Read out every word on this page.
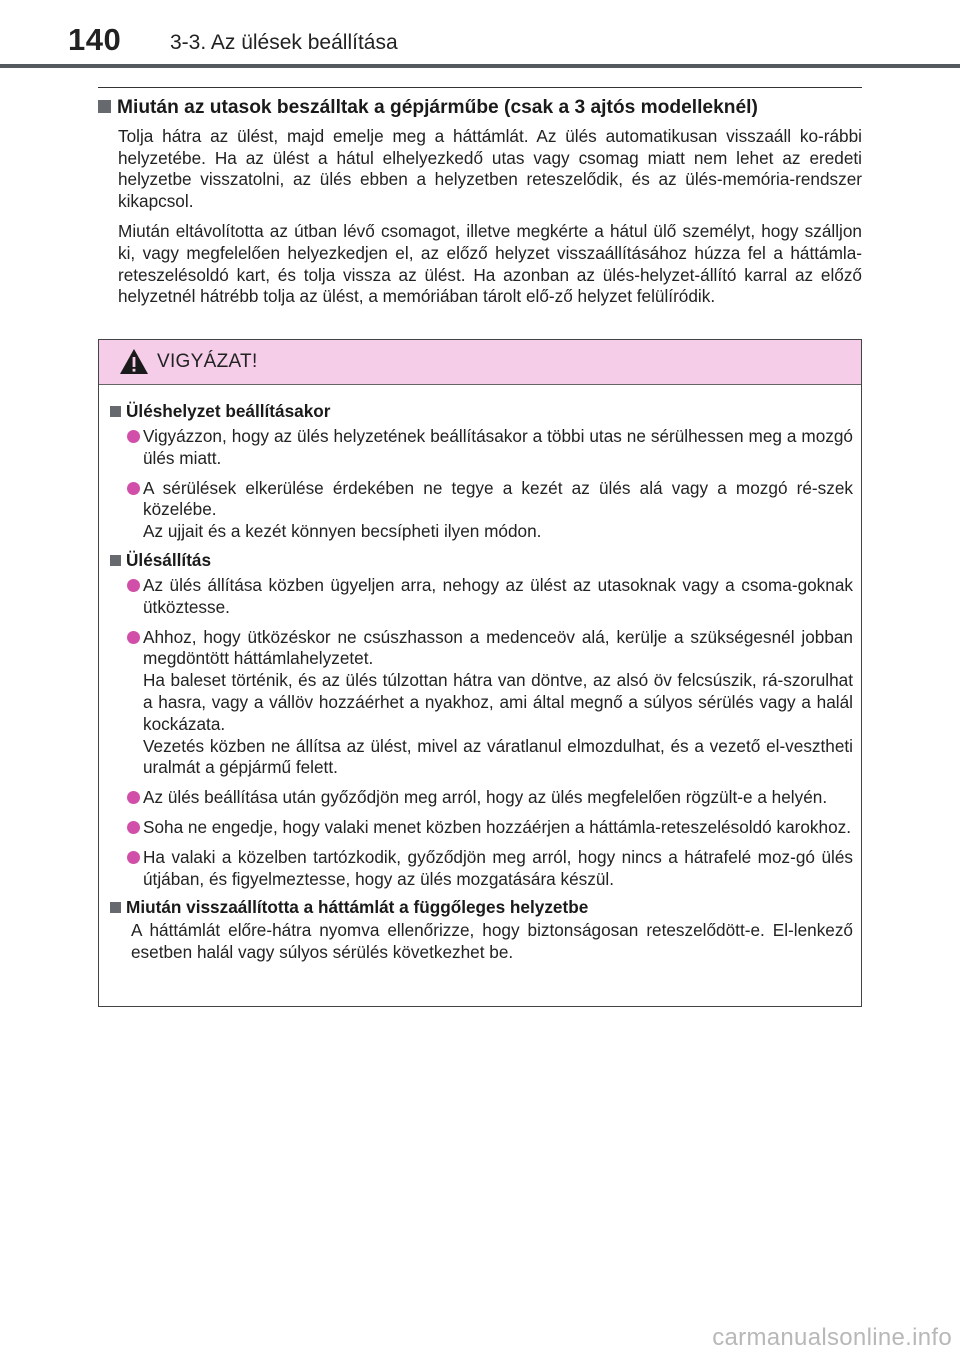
140 3-3. Az ülések beállítása
Miután az utasok beszálltak a gépjárműbe (csak a 3 ajtós modelleknél)

Tolja hátra az ülést, majd emelje meg a háttámlát. Az ülés automatikusan visszaáll ko-rábbi helyzetébe. Ha az ülést a hátul elhelyezkedő utas vagy csomag miatt nem lehet az eredeti helyzetbe visszatolni, az ülés ebben a helyzetben reteszelődik, és az ülés-memória-rendszer kikapcsol.

Miután eltávolította az útban lévő csomagot, illetve megkérte a hátul ülő személyt, hogy szálljon ki, vagy megfelelően helyezkedjen el, az előző helyzet visszaállításához húzza fel a háttámla-reteszelésoldó kart, és tolja vissza az ülést. Ha azonban az ülés-helyzet-állító karral az előző helyzetnél hátrébb tolja az ülést, a memóriában tárolt elő-ző helyzet felülíródik.

VIGYÁZAT!
Üléshelyzet beállításakor
Vigyázzon, hogy az ülés helyzetének beállításakor a többi utas ne sérülhessen meg a mozgó ülés miatt.
A sérülések elkerülése érdekében ne tegye a kezét az ülés alá vagy a mozgó ré-szek közelébe.
Az ujjait és a kezét könnyen becsípheti ilyen módon.
Ülésállítás
Az ülés állítása közben ügyeljen arra, nehogy az ülést az utasoknak vagy a csoma-goknak ütköztesse.
Ahhoz, hogy ütközéskor ne csúszhasson a medenceöv alá, kerülje a szükségesnél jobban megdöntött háttámlahelyzetet.
Ha baleset történik, és az ülés túlzottan hátra van döntve, az alsó öv felcsúszik, rá-szorulhat a hasra, vagy a vállöv hozzáérhet a nyakhoz, ami által megnő a súlyos sérülés vagy a halál kockázata.
Vezetés közben ne állítsa az ülést, mivel az váratlanul elmozdulhat, és a vezető el-vesztheti uralmát a gépjármű felett.
Az ülés beállítása után győződjön meg arról, hogy az ülés megfelelően rögzült-e a helyén.
Soha ne engedje, hogy valaki menet közben hozzáérjen a háttámla-reteszelésoldó karokhoz.
Ha valaki a közelben tartózkodik, győződjön meg arról, hogy nincs a hátrafelé moz-gó ülés útjában, és figyelmeztesse, hogy az ülés mozgatására készül.
Miután visszaállította a háttámlát a függőleges helyzetbe
A háttámlát előre-hátra nyomva ellenőrizze, hogy biztonságosan reteszelődött-e. El-lenkező esetben halál vagy súlyos sérülés következhet be.
carmanualsonline.info
